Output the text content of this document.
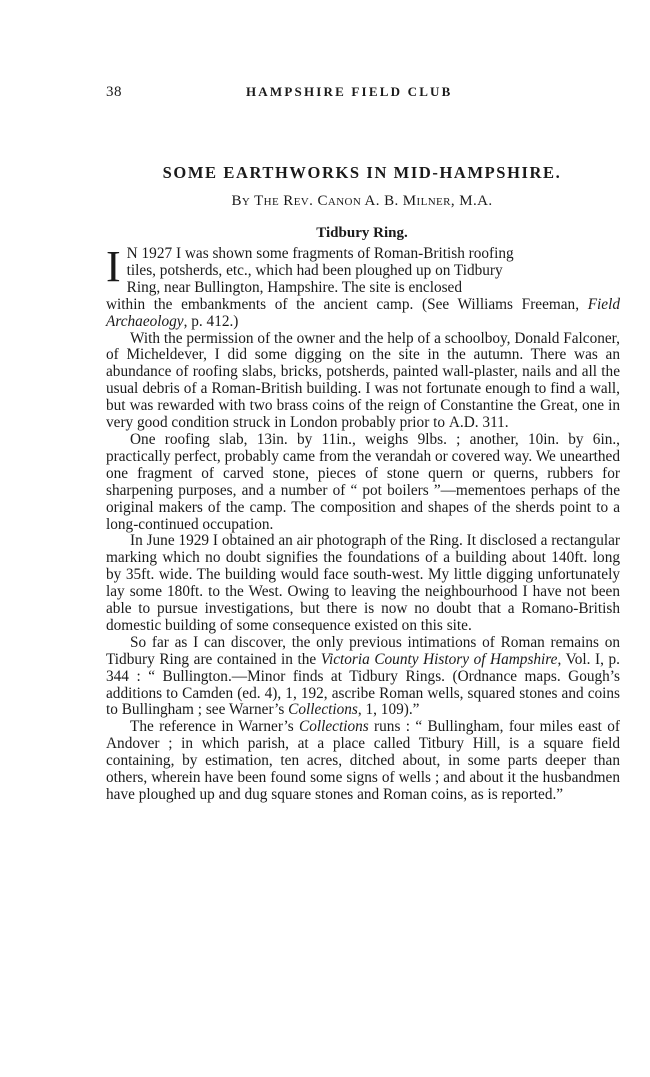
38	HAMPSHIRE FIELD CLUB
SOME EARTHWORKS IN MID-HAMPSHIRE.
By The Rev. Canon A. B. Milner, M.A.
Tidbury Ring.

I N 1927 I was shown some fragments of Roman-British roofing
tiles, potsherds, etc., which had been ploughed up on Tidbury
Ring, near Bullington, Hampshire. The site is enclosed
within the embankments of the ancient camp. (See Williams Freeman, Field Archaeology, p. 412.)

With the permission of the owner and the help of a schoolboy, Donald Falconer, of Micheldever, I did some digging on the site in the autumn. There was an abundance of roofing slabs, bricks, potsherds, painted wall-plaster, nails and all the usual debris of a Roman-British building. I was not fortunate enough to find a wall, but was rewarded with two brass coins of the reign of Constantine the Great, one in very good condition struck in London probably prior to A.D. 311.

One roofing slab, 13in. by 11in., weighs 9lbs. ; another, 10in. by 6in., practically perfect, probably came from the verandah or covered way. We unearthed one fragment of carved stone, pieces of stone quern or querns, rubbers for sharpening purposes, and a number of “ pot boilers ”—mementoes perhaps of the original makers of the camp. The composition and shapes of the sherds point to a long-continued occupation.

In June 1929 I obtained an air photograph of the Ring. It disclosed a rectangular marking which no doubt signifies the foundations of a building about 140ft. long by 35ft. wide. The building would face south-west. My little digging unfortunately lay some 180ft. to the West. Owing to leaving the neighbourhood I have not been able to pursue investigations, but there is now no doubt that a Romano-British domestic building of some consequence existed on this site.

So far as I can discover, the only previous intimations of Roman remains on Tidbury Ring are contained in the Victoria County History of Hampshire, Vol. I, p. 344 : “ Bullington.—Minor finds at Tidbury Rings. (Ordnance maps. Gough’s additions to Camden (ed. 4), 1, 192, ascribe Roman wells, squared stones and coins to Bullingham ; see Warner’s Collections, 1, 109).”

The reference in Warner’s Collections runs : “ Bullingham, four miles east of Andover ; in which parish, at a place called Titbury Hill, is a square field containing, by estimation, ten acres, ditched about, in some parts deeper than others, wherein have been found some signs of wells ; and about it the husbandmen have ploughed up and dug square stones and Roman coins, as is reported.”
